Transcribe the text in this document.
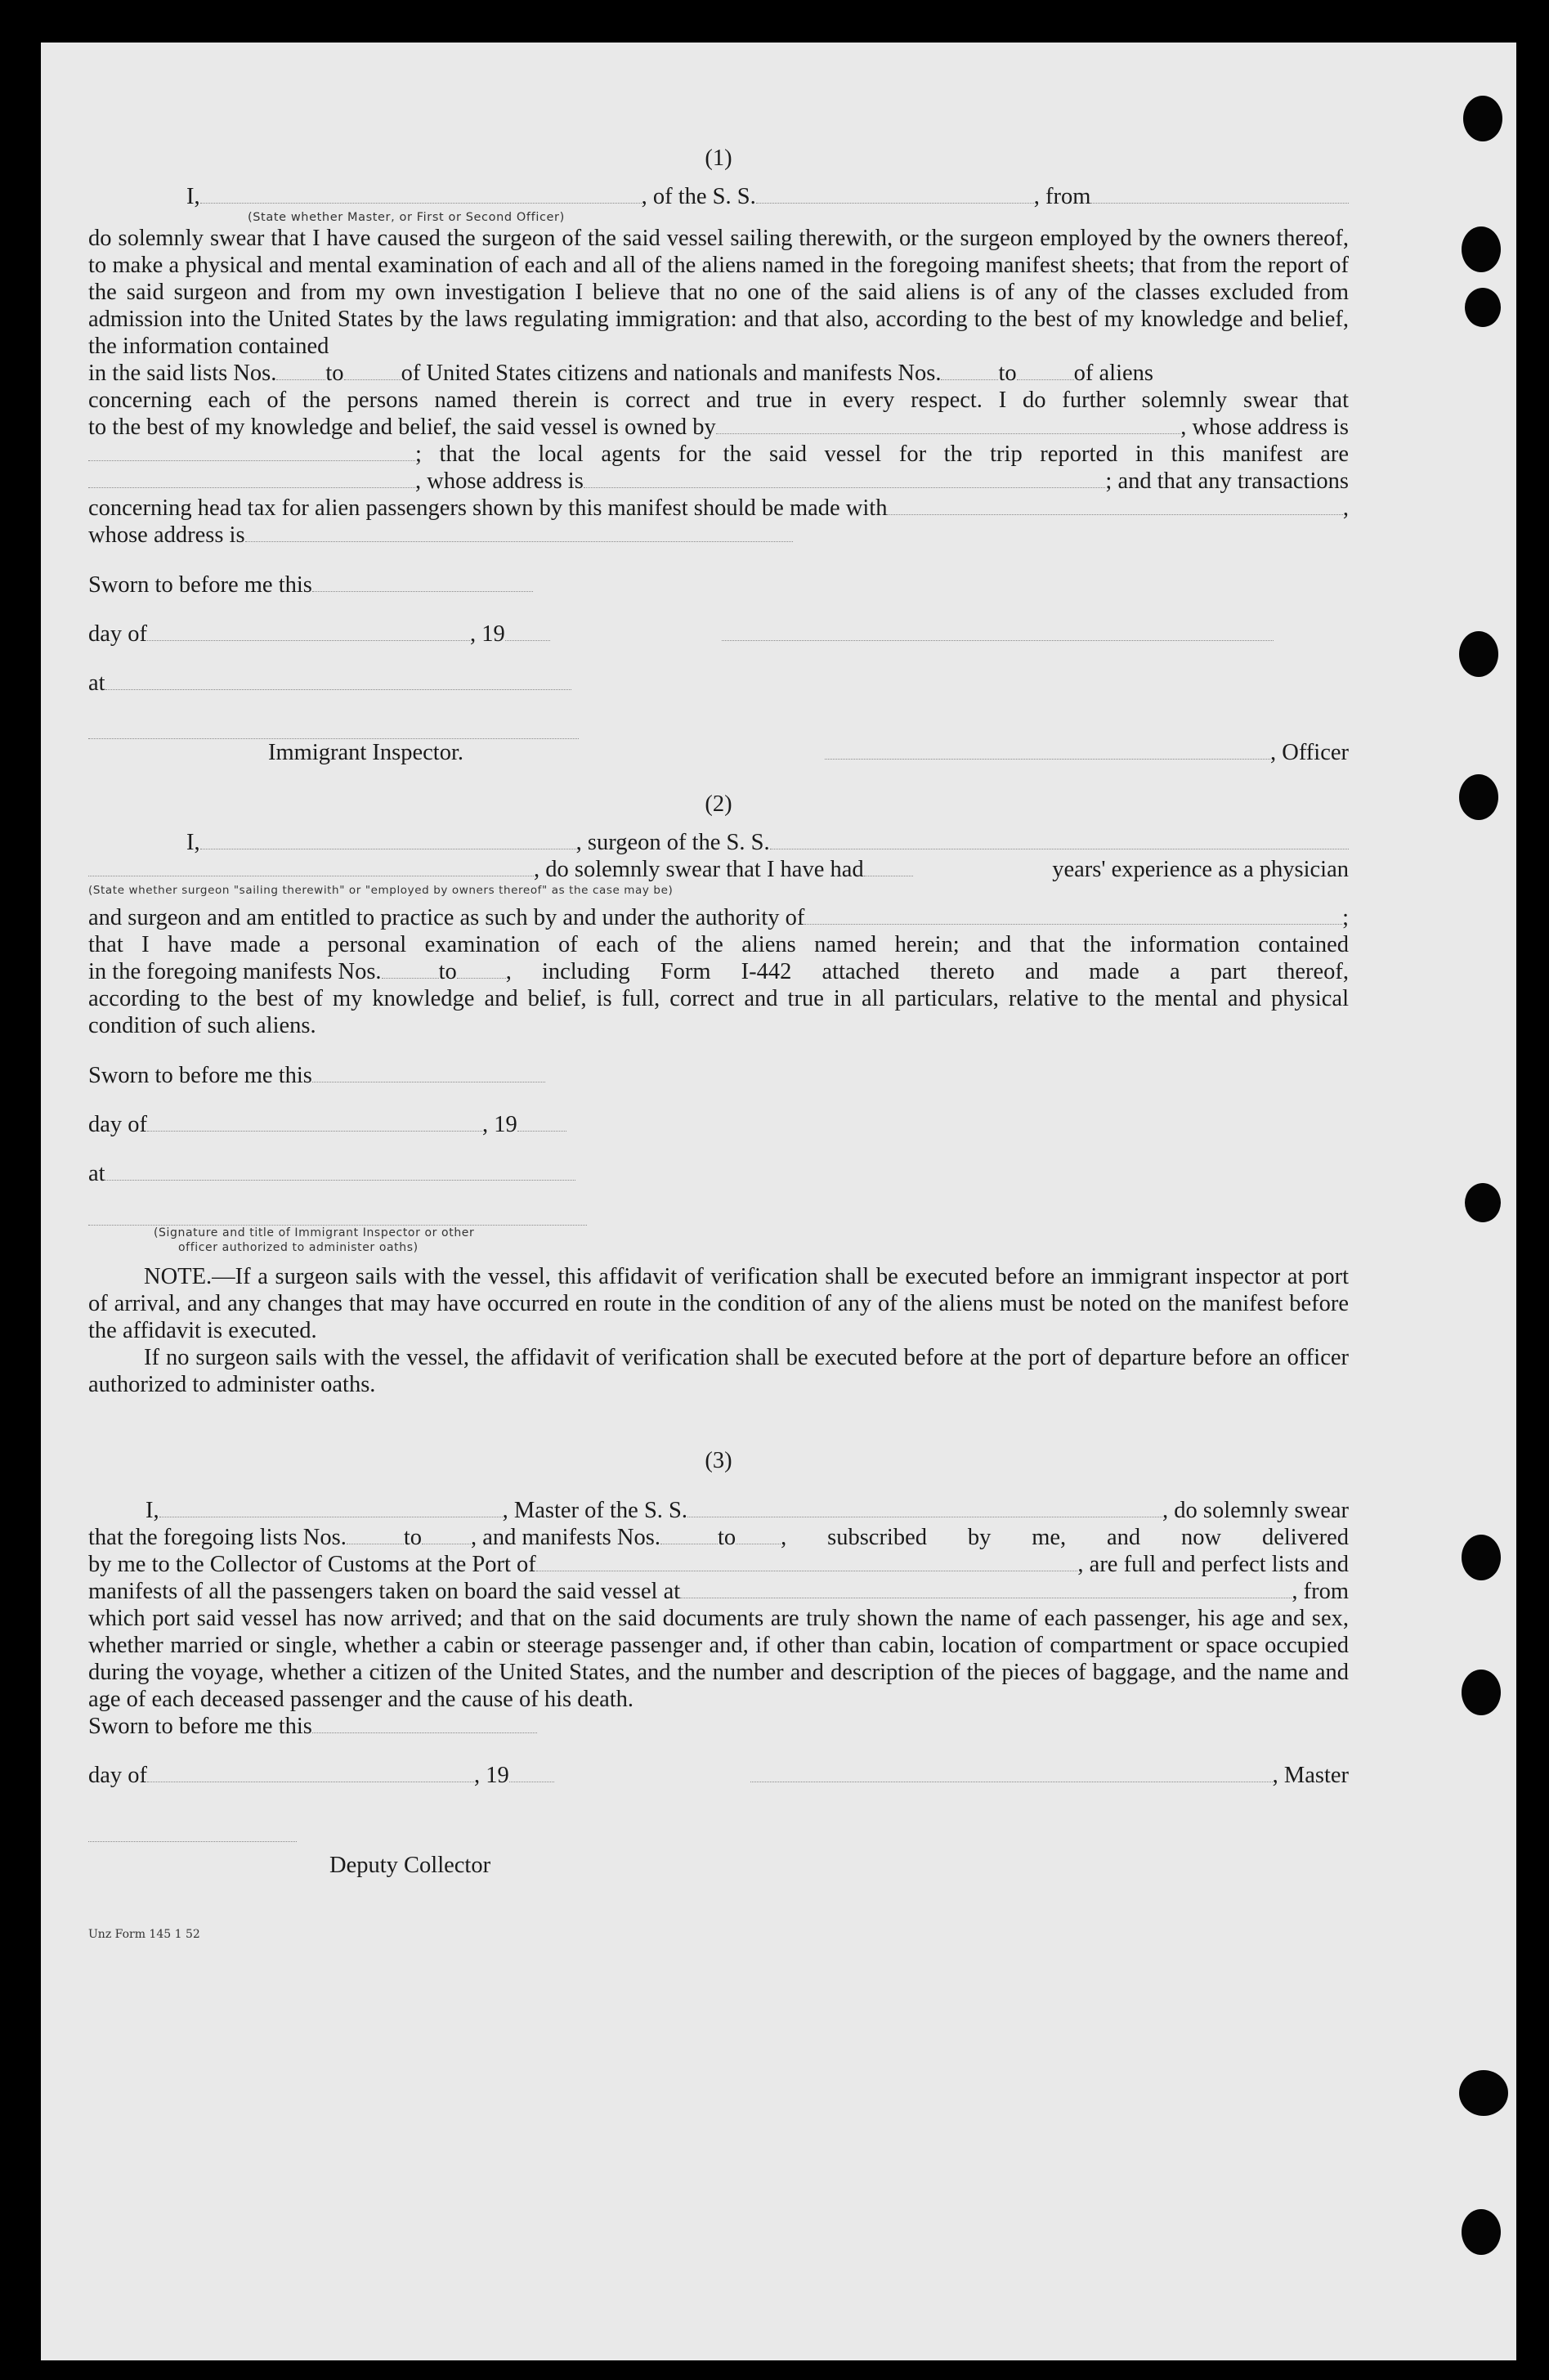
(1)

I,	, of the S. S.	, from
(State whether Master, or First or Second Officer)

do solemnly swear that I have caused the surgeon of the said vessel sailing therewith, or the surgeon employed by the owners thereof, to make a physical and mental examination of each and all of the aliens named in the foregoing manifest sheets; that from the report of the said surgeon and from my own investigation I believe that no one of the said aliens is of any of the classes excluded from admission into the United States by the laws regulating immigration: and that also, according to the best of my knowledge and belief, the information contained

in the said lists Nos. to of United States citizens and nationals and manifests Nos. to of aliens

concerning each of the persons named therein is correct and true in every respect. I do further solemnly swear that

to the best of my knowledge and belief, the said vessel is owned by	, whose address is
; that the local agents for the said vessel for the trip reported in this manifest are
, whose address is	; and that any transactions
concerning head tax for alien passengers shown by this manifest should be made with	,
whose address is
Sworn to before me this
day of	, 19
at
Immigrant Inspector.	, Officer

(2)

I,	, surgeon of the S. S.
, do solemnly swear that I have had	years' experience as a physician
(State whether surgeon "sailing therewith" or "employed by owners thereof" as the case may be)
and surgeon and am entitled to practice as such by and under the authority of	;

that I have made a personal examination of each of the aliens named herein; and that the information contained

in the foregoing manifests Nos. to , including Form I-442 attached thereto and made a part thereof,

according to the best of my knowledge and belief, is full, correct and true in all particulars, relative to the mental and physical condition of such aliens.

Sworn to before me this
day of	, 19
at
(Signature and title of Immigrant Inspector or other
officer authorized to administer oaths)

NOTE.—If a surgeon sails with the vessel, this affidavit of verification shall be executed before an immigrant inspector at port of arrival, and any changes that may have occurred en route in the condition of any of the aliens must be noted on the manifest before the affidavit is executed.

If no surgeon sails with the vessel, the affidavit of verification shall be executed before at the port of departure before an officer authorized to administer oaths.

(3)

I,	, Master of the S. S.	, do solemnly swear
that the foregoing lists Nos. to , and manifests Nos. to , subscribed by me, and now delivered
by me to the Collector of Customs at the Port of	, are full and perfect lists and
manifests of all the passengers taken on board the said vessel at	, from

which port said vessel has now arrived; and that on the said documents are truly shown the name of each passenger, his age and sex, whether married or single, whether a cabin or steerage passenger and, if other than cabin, location of compartment or space occupied during the voyage, whether a citizen of the United States, and the number and description of the pieces of baggage, and the name and age of each deceased passenger and the cause of his death.

Sworn to before me this
day of	, 19	, Master
Deputy Collector
Unz Form 145 1 52
